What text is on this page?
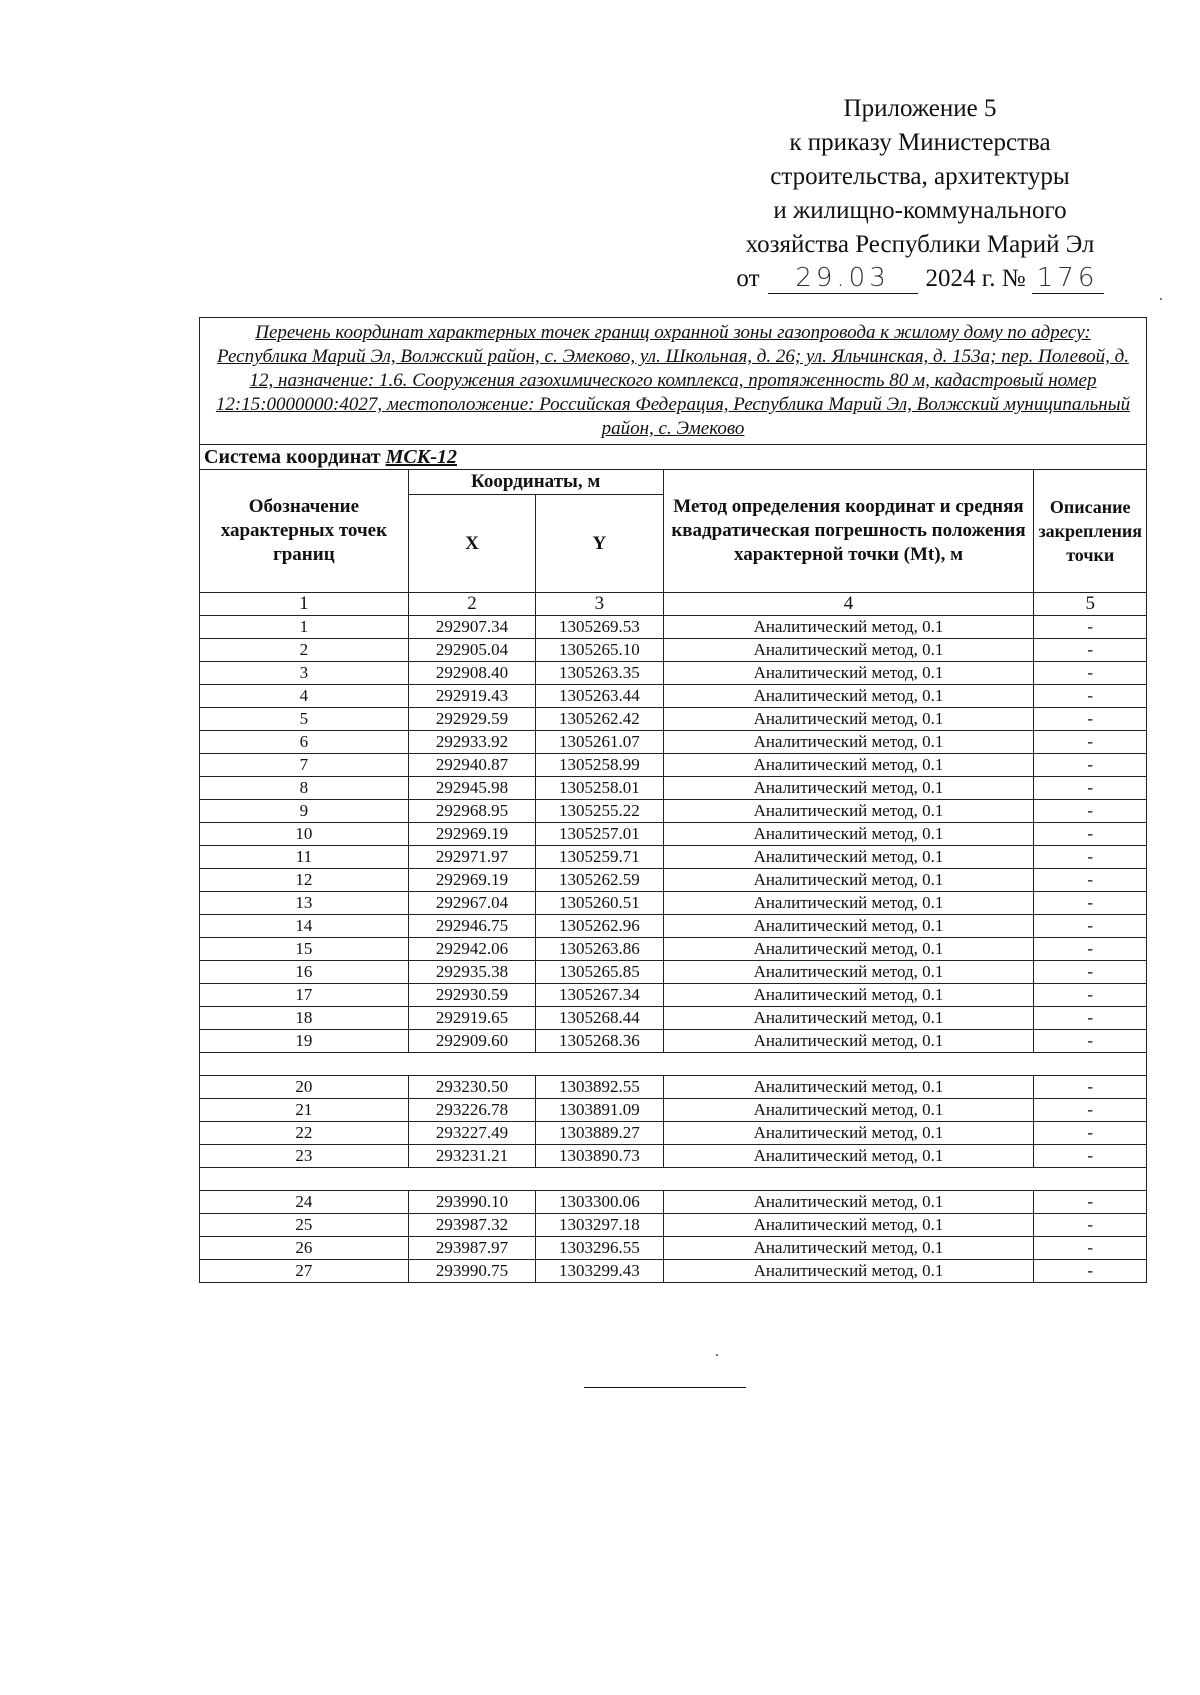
Приложение 5
к приказу Министерства
строительства, архитектуры
и жилищно-коммунального
хозяйства Республики Марий Эл
от 29.03 2024 г. № 176
Перечень координат характерных точек границ охранной зоны газопровода к жилому дому по адресу: Республика Марий Эл, Волжский район, с. Эмеково, ул. Школьная, д. 26; ул. Яльчинская, д. 153а; пер. Полевой, д. 12, назначение: 1.6. Сооружения газохимического комплекса, протяженность 80 м, кадастровый номер 12:15:0000000:4027, местоположение: Российская Федерация, Республика Марий Эл, Волжский муниципальный район, с. Эмеково				
Система координат МСК-12				
Обозначение характерных точек границ	Координаты, м		Метод определения координат и средняя квадратическая погрешность положения характерной точки (Mt), м	Описание закрепления точки
	X	Y		
1	2	3	4	5
1	292907.34	1305269.53	Аналитический метод, 0.1	-
2	292905.04	1305265.10	Аналитический метод, 0.1	-
3	292908.40	1305263.35	Аналитический метод, 0.1	-
4	292919.43	1305263.44	Аналитический метод, 0.1	-
5	292929.59	1305262.42	Аналитический метод, 0.1	-
6	292933.92	1305261.07	Аналитический метод, 0.1	-
7	292940.87	1305258.99	Аналитический метод, 0.1	-
8	292945.98	1305258.01	Аналитический метод, 0.1	-
9	292968.95	1305255.22	Аналитический метод, 0.1	-
10	292969.19	1305257.01	Аналитический метод, 0.1	-
11	292971.97	1305259.71	Аналитический метод, 0.1	-
12	292969.19	1305262.59	Аналитический метод, 0.1	-
13	292967.04	1305260.51	Аналитический метод, 0.1	-
14	292946.75	1305262.96	Аналитический метод, 0.1	-
15	292942.06	1305263.86	Аналитический метод, 0.1	-
16	292935.38	1305265.85	Аналитический метод, 0.1	-
17	292930.59	1305267.34	Аналитический метод, 0.1	-
18	292919.65	1305268.44	Аналитический метод, 0.1	-
19	292909.60	1305268.36	Аналитический метод, 0.1	-

20	293230.50	1303892.55	Аналитический метод, 0.1	-
21	293226.78	1303891.09	Аналитический метод, 0.1	-
22	293227.49	1303889.27	Аналитический метод, 0.1	-
23	293231.21	1303890.73	Аналитический метод, 0.1	-

24	293990.10	1303300.06	Аналитический метод, 0.1	-
25	293987.32	1303297.18	Аналитический метод, 0.1	-
26	293987.97	1303296.55	Аналитический метод, 0.1	-
27	293990.75	1303299.43	Аналитический метод, 0.1	-
